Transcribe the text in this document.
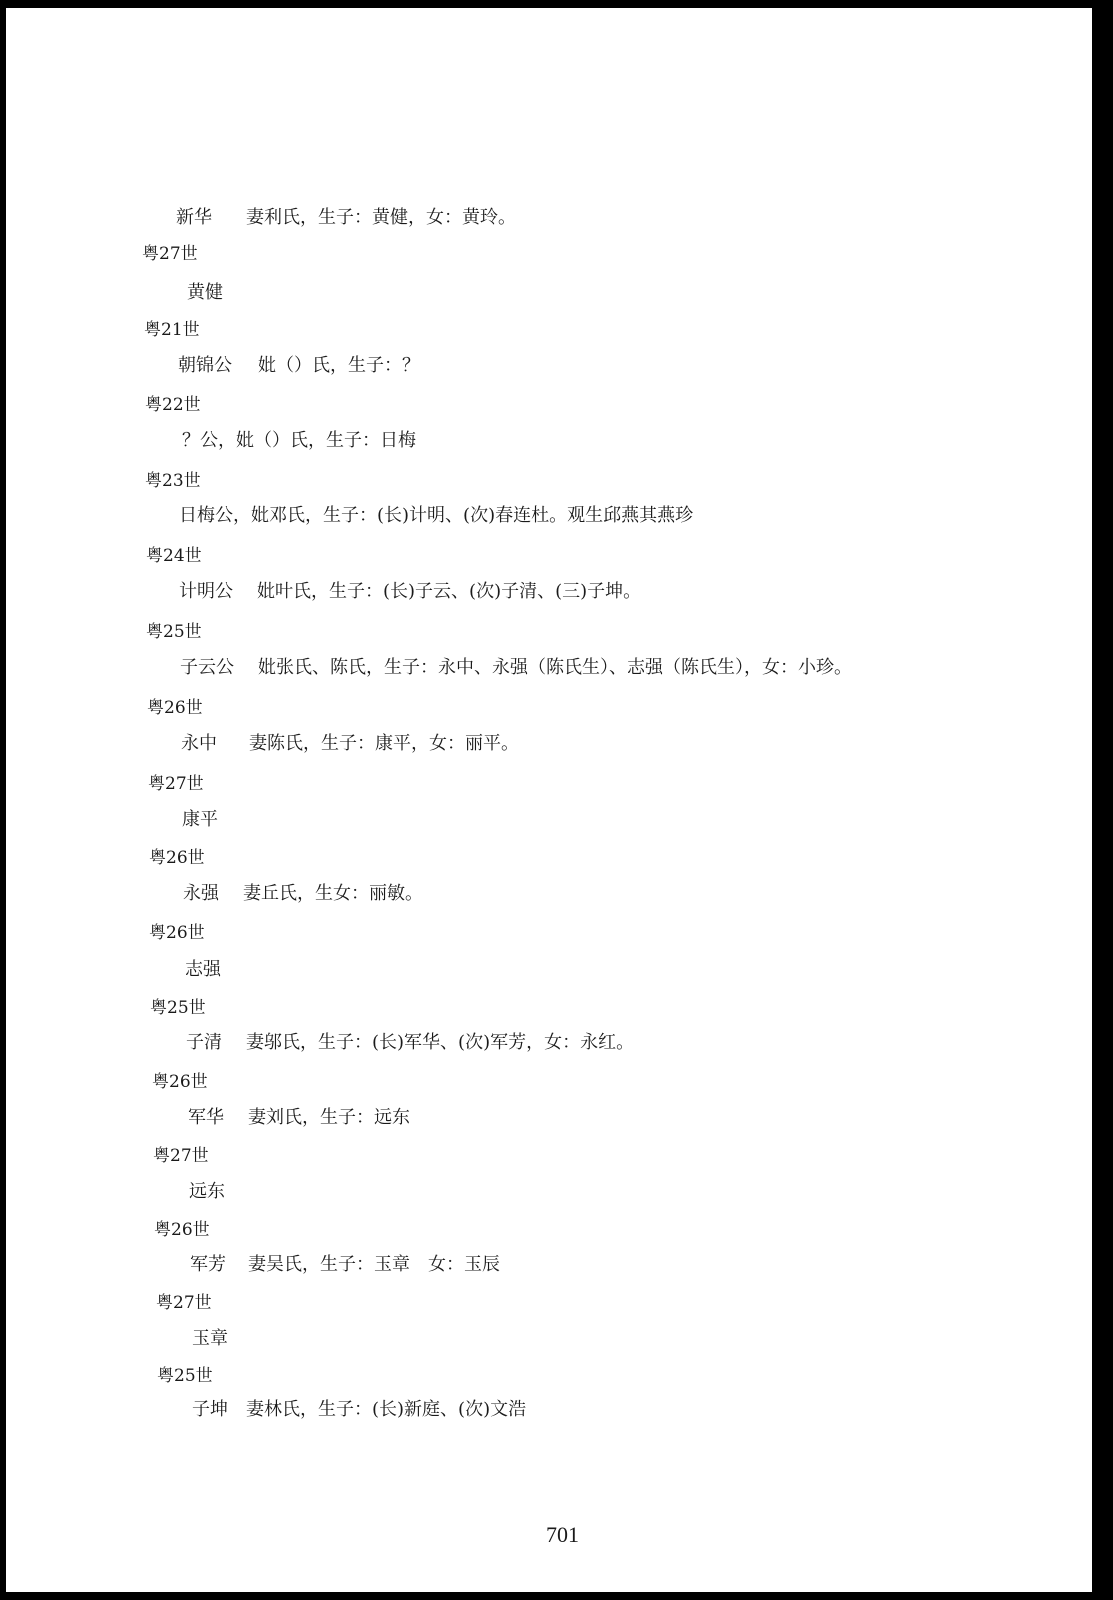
新华 妻利氏，生子：黄健，女：黄玲。
粤27世
黄健
粤21世
朝锦公 妣（）氏，生子：？
粤22世
？公，妣（）氏，生子：日梅
粤23世
日梅公，妣邓氏，生子：(长)计明、(次)春连杜。观生邱燕其燕珍
粤24世
计明公 妣叶氏，生子：(长)子云、(次)子清、(三)子坤。
粤25世
子云公 妣张氏、陈氏，生子：永中、永强（陈氏生）、志强（陈氏生），女：小珍。
粤26世
永中 妻陈氏，生子：康平，女：丽平。
粤27世
康平
粤26世
永强 妻丘氏，生女：丽敏。
粤26世
志强
粤25世
子清 妻邬氏，生子：(长)军华、(次)军芳，女：永红。
粤26世
军华 妻刘氏，生子：远东
粤27世
远东
粤26世
军芳 妻吴氏，生子：玉章　女：玉辰
粤27世
玉章
粤25世
子坤 妻林氏，生子：(长)新庭、(次)文浩
701
